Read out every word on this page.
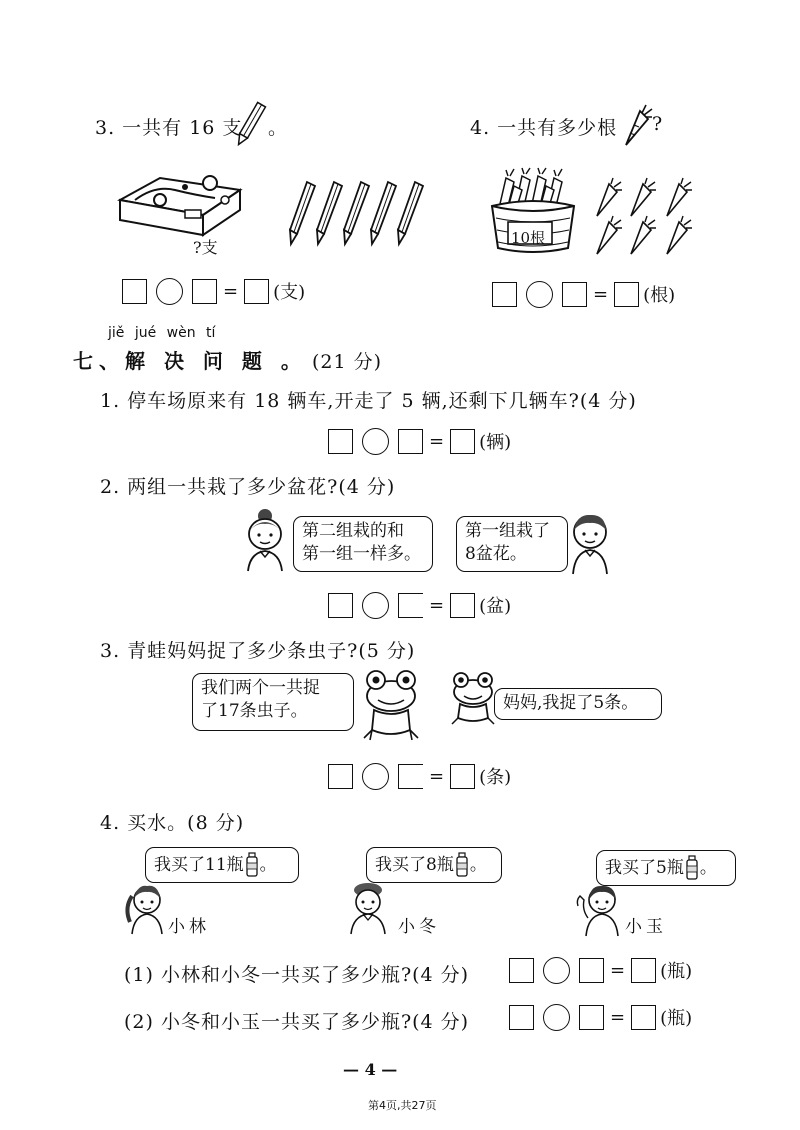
3. 一共有 16 支 。
?支
= (支)
4. 一共有多少根 ?
10根
= (根)
jiě jué wèn tí
七、解 决 问 题 。 (21 分)
1. 停车场原来有 18 辆车,开走了 5 辆,还剩下几辆车?(4 分)
= (辆)
2. 两组一共栽了多少盆花?(4 分)
第二组栽的和
第一组一样多。
第一组栽了
8盆花。
= (盆)
3. 青蛙妈妈捉了多少条虫子?(5 分)
我们两个一共捉
了17条虫子。	妈妈,我捉了5条。
= (条)
4. 买水。(8 分)
我买了11瓶 。	我买了8瓶 。	我买了5瓶 。
小林	小冬	小玉
(1) 小林和小冬一共买了多少瓶?(4 分)	= (瓶)
(2) 小冬和小玉一共买了多少瓶?(4 分)	= (瓶)
— 4 —
第4页,共27页
